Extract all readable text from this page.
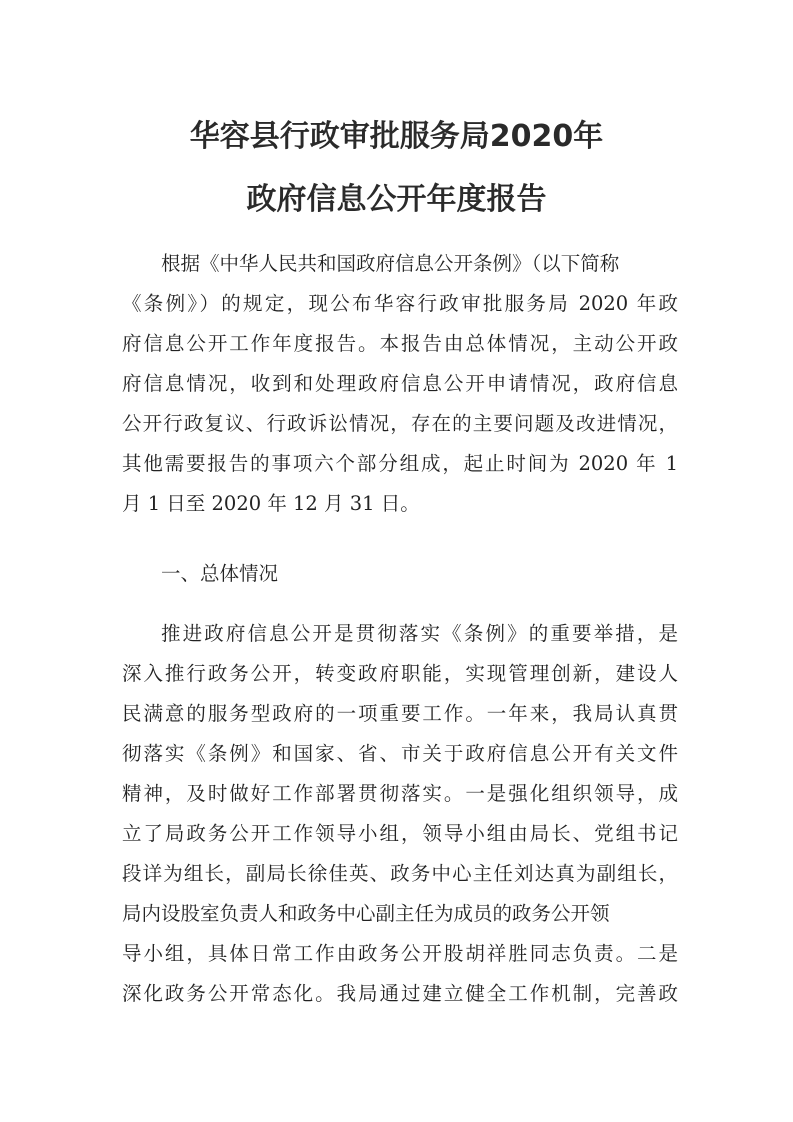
华容县行政审批服务局2020年
政府信息公开年度报告
根据《中华人民共和国政府信息公开条例》（以下简称
《条例》）的规定，现公布华容行政审批服务局 2020 年政
府信息公开工作年度报告。本报告由总体情况，主动公开政
府信息情况，收到和处理政府信息公开申请情况，政府信息
公开行政复议、行政诉讼情况，存在的主要问题及改进情况，
其他需要报告的事项六个部分组成，起止时间为 2020 年 1
月 1 日至 2020 年 12 月 31 日。
一、总体情况
推进政府信息公开是贯彻落实《条例》的重要举措，是
深入推行政务公开，转变政府职能，实现管理创新，建设人
民满意的服务型政府的一项重要工作。一年来，我局认真贯
彻落实《条例》和国家、省、市关于政府信息公开有关文件
精神，及时做好工作部署贯彻落实。一是强化组织领导，成
立了局政务公开工作领导小组，领导小组由局长、党组书记
段详为组长，副局长徐佳英、政务中心主任刘达真为副组长，
局内设股室负责人和政务中心副主任为成员的政务公开领
导小组，具体日常工作由政务公开股胡祥胜同志负责。二是
深化政务公开常态化。我局通过建立健全工作机制，完善政
